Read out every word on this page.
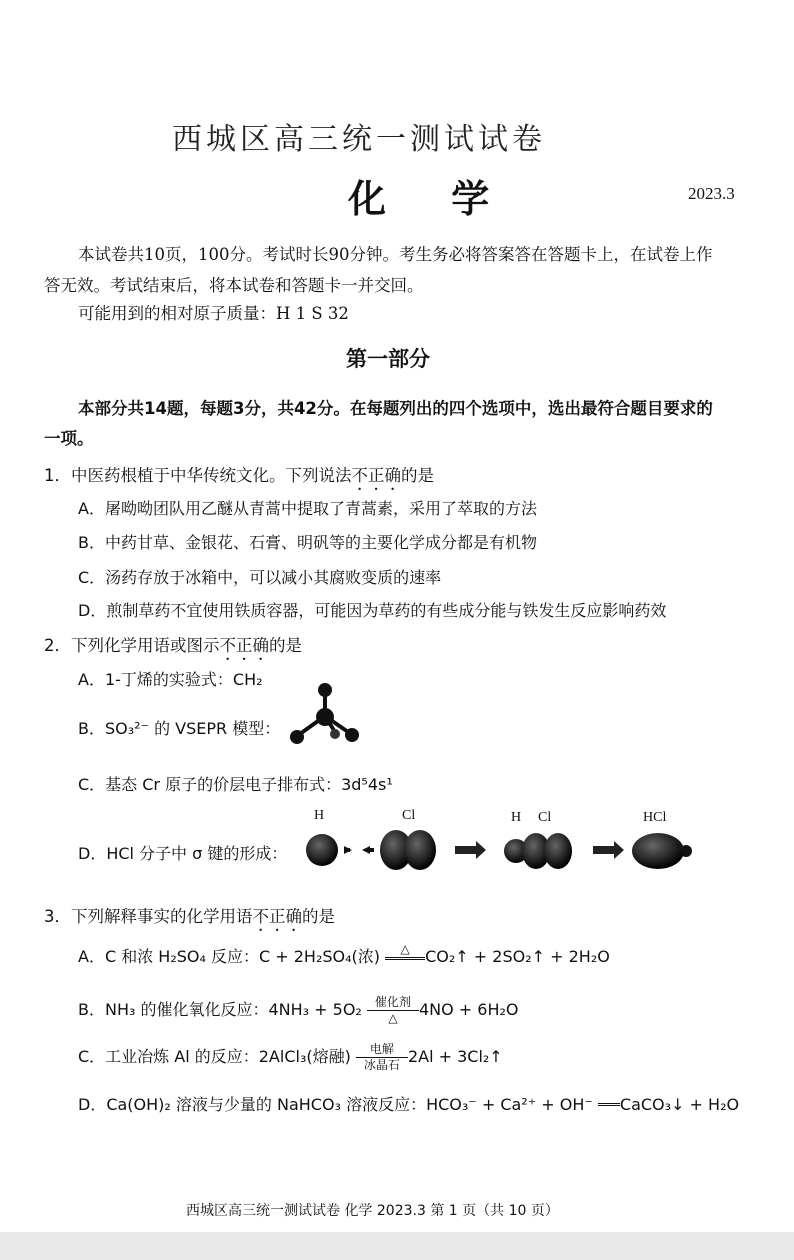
西城区高三统一测试试卷
化 学	2023.3
本试卷共10页，100分。考试时长90分钟。考生务必将答案答在答题卡上，在试卷上作
答无效。考试结束后，将本试卷和答题卡一并交回。
可能用到的相对原子质量：H 1 S 32
第一部分
本部分共14题，每题3分，共42分。在每题列出的四个选项中，选出最符合题目要求的
一项。
1．中医药根植于中华传统文化。下列说法不正确的是
A．屠呦呦团队用乙醚从青蒿中提取了青蒿素，采用了萃取的方法
B．中药甘草、金银花、石膏、明矾等的主要化学成分都是有机物
C．汤药存放于冰箱中，可以减小其腐败变质的速率
D．煎制草药不宜使用铁质容器，可能因为草药的有些成分能与铁发生反应影响药效
2．下列化学用语或图示不正确的是
A．1-丁烯的实验式：CH₂
B．SO₃²⁻ 的 VSEPR 模型：
C．基态 Cr 原子的价层电子排布式：3d⁵4s¹
D．HCl 分子中 σ 键的形成：
H	Cl	H Cl	HCl
3．下列解释事实的化学用语不正确的是
A．C 和浓 H₂SO₄ 反应：C + 2H₂SO₄(浓)	△ CO₂↑ + 2SO₂↑ + 2H₂O
B．NH₃ 的催化氧化反应：4NH₃ + 5O₂	催化剂
△	4NO + 6H₂O
C．工业冶炼 Al 的反应：2AlCl₃(熔融)	电解
冰晶石 2Al + 3Cl₂↑
D．Ca(OH)₂ 溶液与少量的 NaHCO₃ 溶液反应：HCO₃⁻ + Ca²⁺ + OH⁻ CaCO₃↓ + H₂O
西城区高三统一测试试卷 化学 2023.3 第 1 页（共 10 页）
